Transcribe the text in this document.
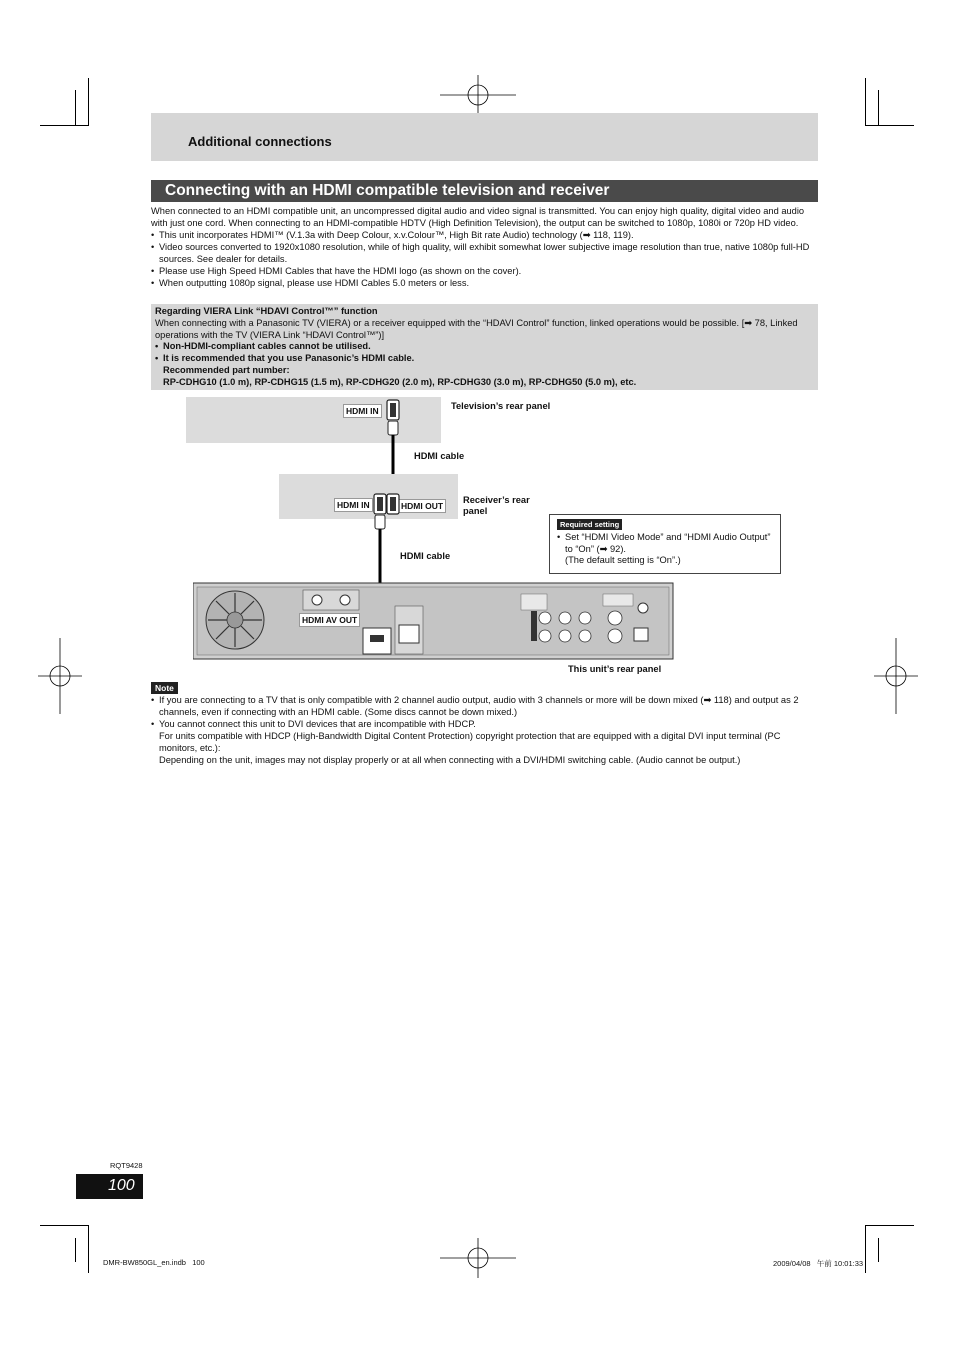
Additional connections
Connecting with an HDMI compatible television and receiver

When connected to an HDMI compatible unit, an uncompressed digital audio and video signal is transmitted. You can enjoy high quality, digital video and audio with just one cord. When connecting to an HDMI-compatible HDTV (High Definition Television), the output can be switched to 1080p, 1080i or 720p HD video.

• This unit incorporates HDMI™ (V.1.3a with Deep Colour, x.v.Colour™, High Bit rate Audio) technology (➡ 118, 119).
• Video sources converted to 1920x1080 resolution, while of high quality, will exhibit somewhat lower subjective image resolution than true, native 1080p full-HD sources. See dealer for details.
• Please use High Speed HDMI Cables that have the HDMI logo (as shown on the cover).
• When outputting 1080p signal, please use HDMI Cables 5.0 meters or less.

Regarding VIERA Link “HDAVI Control™” function

When connecting with a Panasonic TV (VIERA) or a receiver equipped with the “HDAVI Control” function, linked operations would be possible. [➡ 78, Linked operations with the TV (VIERA Link “HDAVI Control™”)]

• Non-HDMI-compliant cables cannot be utilised.
• It is recommended that you use Panasonic’s HDMI cable.

Recommended part number:

RP-CDHG10 (1.0 m), RP-CDHG15 (1.5 m), RP-CDHG20 (2.0 m), RP-CDHG30 (3.0 m), RP-CDHG50 (5.0 m), etc.

HDMI IN	Television’s rear panel
HDMI cable
HDMI IN	HDMI OUT
Receiver’s rear panel
HDMI cable
Required setting
• Set “HDMI Video Mode” and “HDMI Audio Output” to “On” (➡ 92).
(The default setting is “On”.)
HDMI AV OUT
This unit’s rear panel
Note
• If you are connecting to a TV that is only compatible with 2 channel audio output, audio with 3 channels or more will be down mixed (➡ 118) and output as 2 channels, even if connecting with an HDMI cable. (Some discs cannot be down mixed.)
• You cannot connect this unit to DVI devices that are incompatible with HDCP.

For units compatible with HDCP (High-Bandwidth Digital Content Protection) copyright protection that are equipped with a digital DVI input terminal (PC monitors, etc.):

Depending on the unit, images may not display properly or at all when connecting with a DVI/HDMI switching cable. (Audio cannot be output.)

RQT9428
100
DMR-BW850GL_en.indb   100	2009/04/08   午前 10:01:33
